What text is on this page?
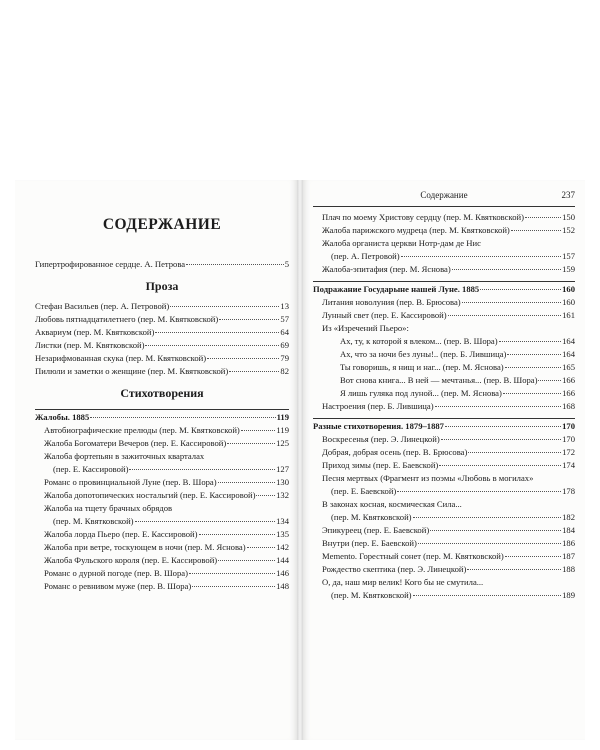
СОДЕРЖАНИЕ
Гипертрофированное сердце. А. Петрова	5
Проза
Стефан Васильев (пер. А. Петровой)	13
Любовь пятнадцатилетнего (пер. М. Квятковской)	57
Аквариум (пер. М. Квятковской)	64
Листки (пер. М. Квятковской)	69
Незарифмованная скука (пер. М. Квятковской)	79
Пилюли и заметки о женщине (пер. М. Квятковской)	82
Стихотворения
Жалобы. 1885	119
Автобиографические прелюды (пер. М. Квятковской)	119
Жалоба Богоматери Вечеров (пер. Е. Кассировой)	125
Жалоба фортепьян в зажиточных кварталах
(пер. Е. Кассировой)	127
Романс о провинциальной Луне (пер. В. Шора)	130
Жалоба допотопических ностальгий (пер. Е. Кассировой) 132
Жалоба на тщету брачных обрядов
(пер. М. Квятковской)	134
Жалоба лорда Пьеро (пер. Е. Кассировой)	135
Жалоба при ветре, тоскующем в ночи (пер. М. Яснова)	142
Жалоба Фульского короля (пер. Е. Кассировой)	144
Романс о дурной погоде (пер. В. Шора)	146
Романс о ревнивом муже (пер. В. Шора)	148
Содержание	237
Плач по моему Христову сердцу (пер. М. Квятковской)	150
Жалоба парижского мудреца (пер. М. Квятковской)	152
Жалоба органиста церкви Нотр-дам де Нис
(пер. А. Петровой)	157
Жалоба-эпитафия (пер. М. Яснова)	159
Подражание Государыне нашей Луне. 1885	160
Литания новолуния (пер. В. Брюсова)	160
Лунный свет (пер. Е. Кассировой)	161
Из «Изречений Пьеро»:
Ах, ту, к которой я влеком... (пер. В. Шора)	164
Ах, что за ночи без луны!.. (пер. Б. Лившица)	164
Ты говоришь, я нищ и наг... (пер. М. Яснова)	165
Вот снова книга... В ней — мечтанья... (пер. В. Шора)	166
Я лишь гуляка под луной... (пер. М. Яснова)	166
Настроения (пер. Б. Лившица)	168
Разные стихотворения. 1879–1887	170
Воскресенья (пер. Э. Линецкой)	170
Добрая, добрая осень (пер. В. Брюсова)	172
Приход зимы (пер. Е. Баевской)	174
Песня мертвых (Фрагмент из поэмы «Любовь в могилах»
(пер. Е. Баевской)	178
В законах косная, космическая Сила...
(пер. М. Квятковской)	182
Эпикуреец (пер. Е. Баевской)	184
Внутри (пер. Е. Баевской)	186
Memento. Горестный сонет (пер. М. Квятковской)	187
Рождество скептика (пер. Э. Линецкой)	188
О, да, наш мир велик! Кого бы не смутила...
(пер. М. Квятковской)	189
